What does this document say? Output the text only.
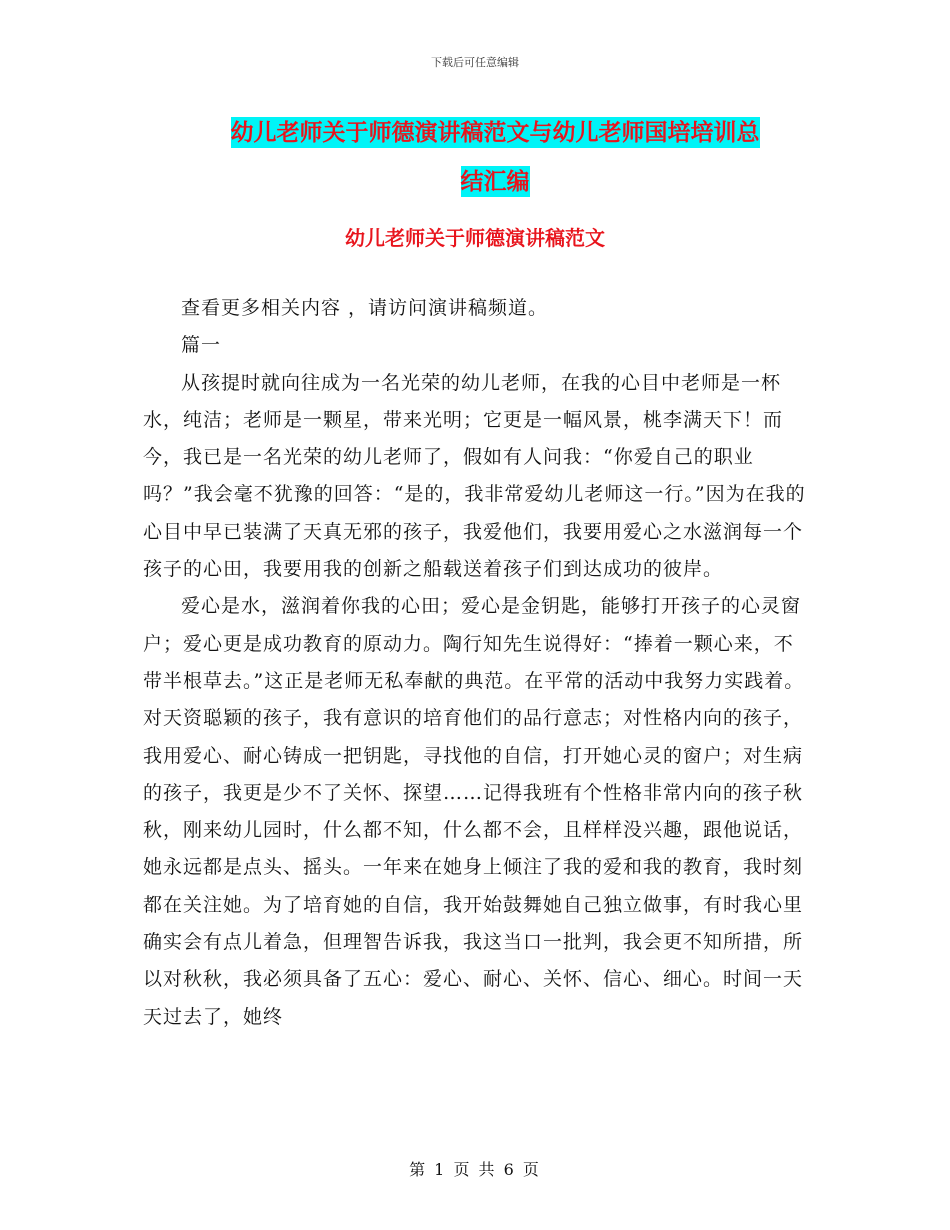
下载后可任意编辑
幼儿老师关于师德演讲稿范文与幼儿老师国培培训总
结汇编
幼儿老师关于师德演讲稿范文

查看更多相关内容 ，请访问演讲稿频道。

篇一

从孩提时就向往成为一名光荣的幼儿老师，在我的心目中老师是一杯水，纯洁；老师是一颗星，带来光明；它更是一幅风景，桃李满天下！而今，我已是一名光荣的幼儿老师了，假如有人问我：“你爱自己的职业吗？”我会毫不犹豫的回答：“是的，我非常爱幼儿老师这一行。”因为在我的心目中早已装满了天真无邪的孩子，我爱他们，我要用爱心之水滋润每一个孩子的心田，我要用我的创新之船载送着孩子们到达成功的彼岸。

爱心是水，滋润着你我的心田；爱心是金钥匙，能够打开孩子的心灵窗户；爱心更是成功教育的原动力。陶行知先生说得好：“捧着一颗心来，不带半根草去。”这正是老师无私奉献的典范。在平常的活动中我努力实践着。对天资聪颖的孩子，我有意识的培育他们的品行意志；对性格内向的孩子，我用爱心、耐心铸成一把钥匙，寻找他的自信，打开她心灵的窗户；对生病的孩子，我更是少不了关怀、探望……记得我班有个性格非常内向的孩子秋秋，刚来幼儿园时，什么都不知，什么都不会，且样样没兴趣，跟他说话，她永远都是点头、摇头。一年来在她身上倾注了我的爱和我的教育，我时刻都在关注她。为了培育她的自信，我开始鼓舞她自己独立做事，有时我心里确实会有点儿着急，但理智告诉我，我这当口一批判，我会更不知所措，所以对秋秋，我必须具备了五心：爱心、耐心、关怀、信心、细心。时间一天天过去了，她终

第 1 页 共 6 页
